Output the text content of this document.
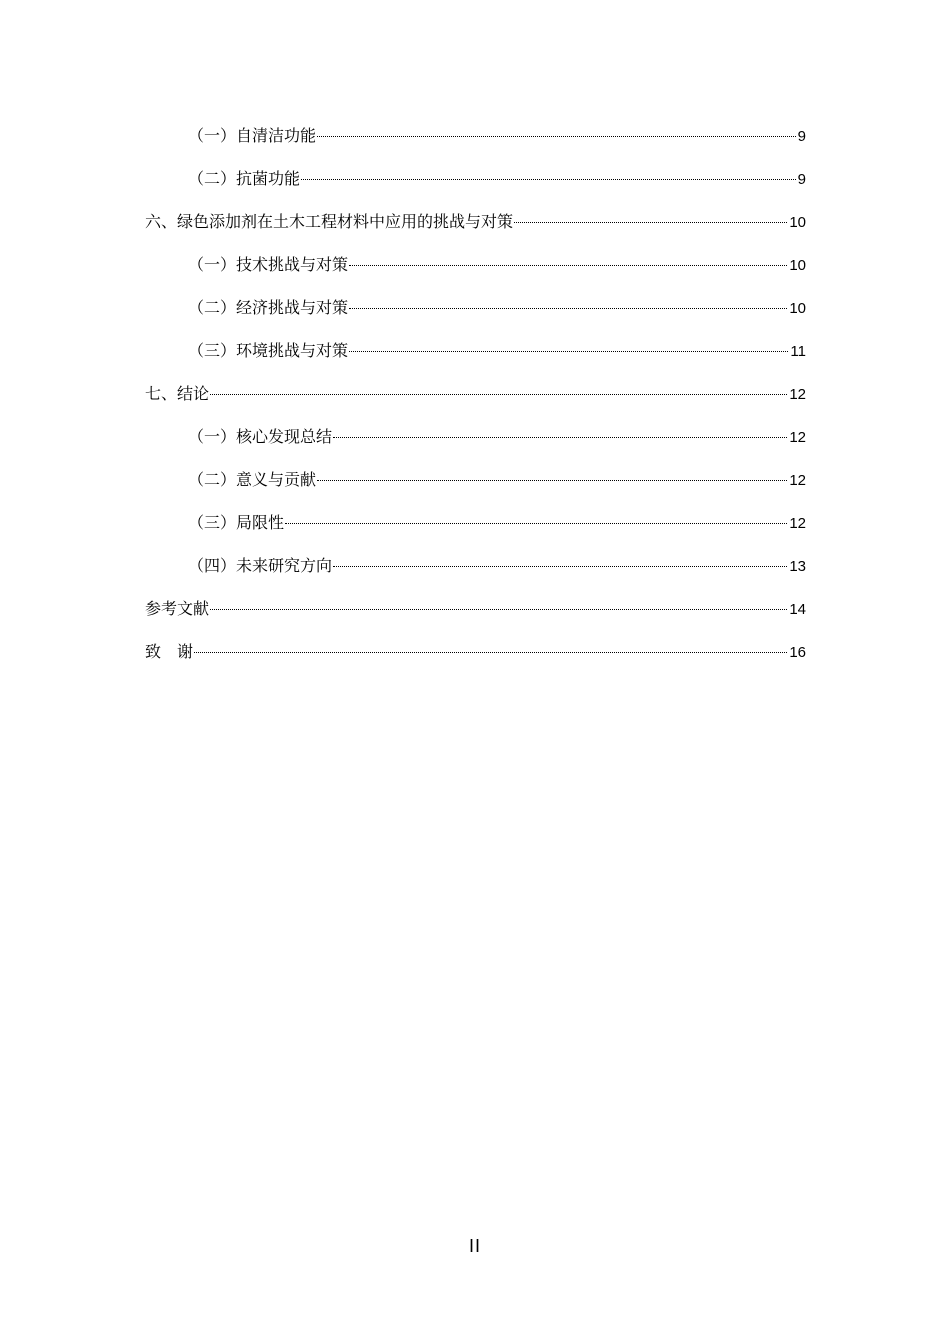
（一）自清洁功能	9
（二）抗菌功能	9
六、绿色添加剂在土木工程材料中应用的挑战与对策	10
（一）技术挑战与对策	10
（二）经济挑战与对策	10
（三）环境挑战与对策	11
七、结论	12
（一）核心发现总结	12
（二）意义与贡献	12
（三）局限性	12
（四）未来研究方向	13
参考文献	14
致　谢	16
II
